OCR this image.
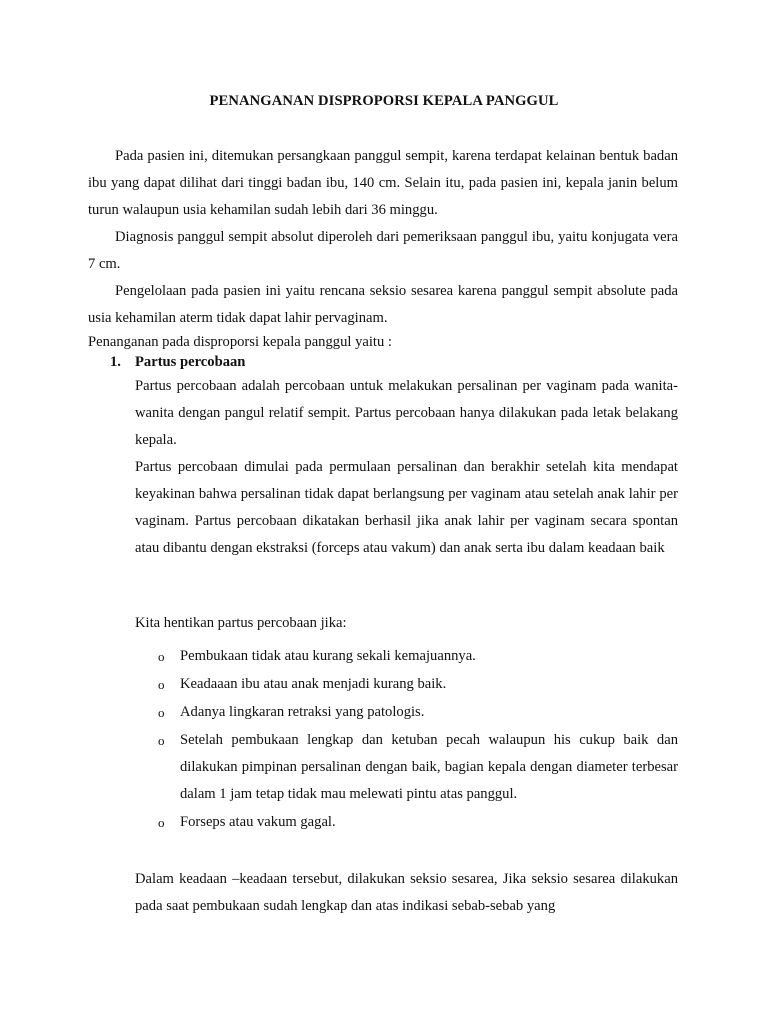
PENANGANAN DISPROPORSI KEPALA PANGGUL

Pada pasien ini, ditemukan persangkaan panggul sempit, karena terdapat kelainan bentuk badan ibu yang dapat dilihat dari tinggi badan ibu, 140 cm. Selain itu, pada pasien ini, kepala janin belum turun walaupun usia kehamilan sudah lebih dari 36 minggu.

Diagnosis panggul sempit absolut diperoleh dari pemeriksaan panggul ibu, yaitu konjugata vera 7 cm.

Pengelolaan pada pasien ini yaitu rencana seksio sesarea karena panggul sempit absolute pada usia kehamilan aterm tidak dapat lahir pervaginam.

Penanganan pada disproporsi kepala panggul yaitu :

1. Partus percobaan

Partus percobaan adalah percobaan untuk melakukan persalinan per vaginam pada wanita-wanita dengan pangul relatif sempit. Partus percobaan hanya dilakukan pada letak belakang kepala.

Partus percobaan dimulai pada permulaan persalinan dan berakhir setelah kita mendapat keyakinan bahwa persalinan tidak dapat berlangsung per vaginam atau setelah anak lahir per vaginam. Partus percobaan dikatakan berhasil jika anak lahir per vaginam secara spontan atau dibantu dengan ekstraksi (forceps atau vakum) dan anak serta ibu dalam keadaan baik

Kita hentikan partus percobaan jika:

o Pembukaan tidak atau kurang sekali kemajuannya.
o Keadaaan ibu atau anak menjadi kurang baik.
o Adanya lingkaran retraksi yang patologis.
o Setelah pembukaan lengkap dan ketuban pecah walaupun his cukup baik dan dilakukan pimpinan persalinan dengan baik, bagian kepala dengan diameter terbesar dalam 1 jam tetap tidak mau melewati pintu atas panggul.
o Forseps atau vakum gagal.

Dalam keadaan –keadaan tersebut, dilakukan seksio sesarea, Jika seksio sesarea dilakukan pada saat pembukaan sudah lengkap dan atas indikasi sebab-sebab yang
